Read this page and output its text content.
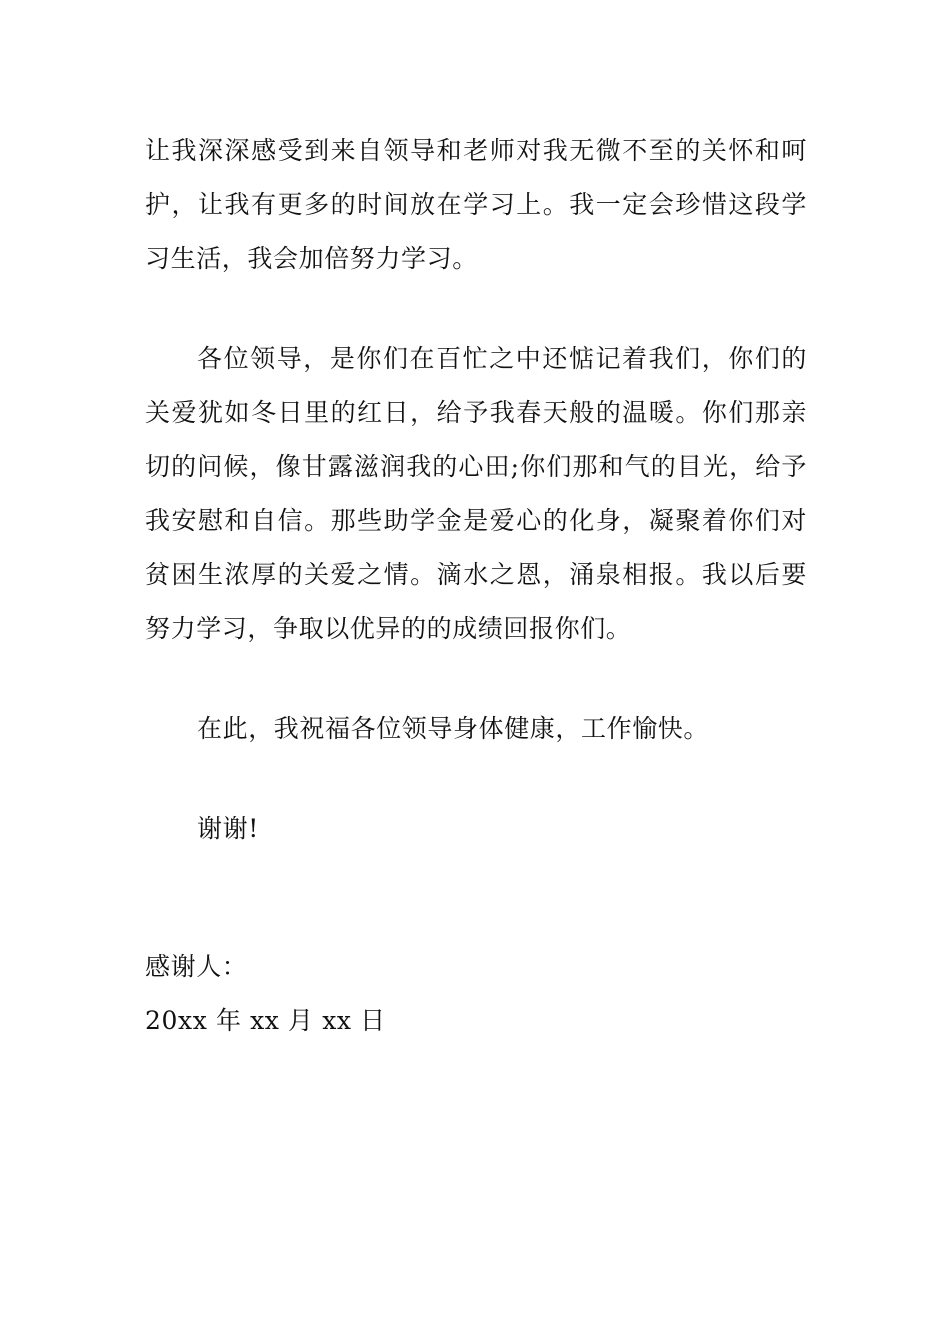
让我深深感受到来自领导和老师对我无微不至的关怀和呵护，让我有更多的时间放在学习上。我一定会珍惜这段学习生活，我会加倍努力学习。

各位领导，是你们在百忙之中还惦记着我们，你们的关爱犹如冬日里的红日，给予我春天般的温暖。你们那亲切的问候，像甘露滋润我的心田;你们那和气的目光，给予我安慰和自信。那些助学金是爱心的化身，凝聚着你们对贫困生浓厚的关爱之情。滴水之恩，涌泉相报。我以后要努力学习，争取以优异的的成绩回报你们。

在此，我祝福各位领导身体健康，工作愉快。

谢谢!

感谢人：

20xx 年 xx 月 xx 日
